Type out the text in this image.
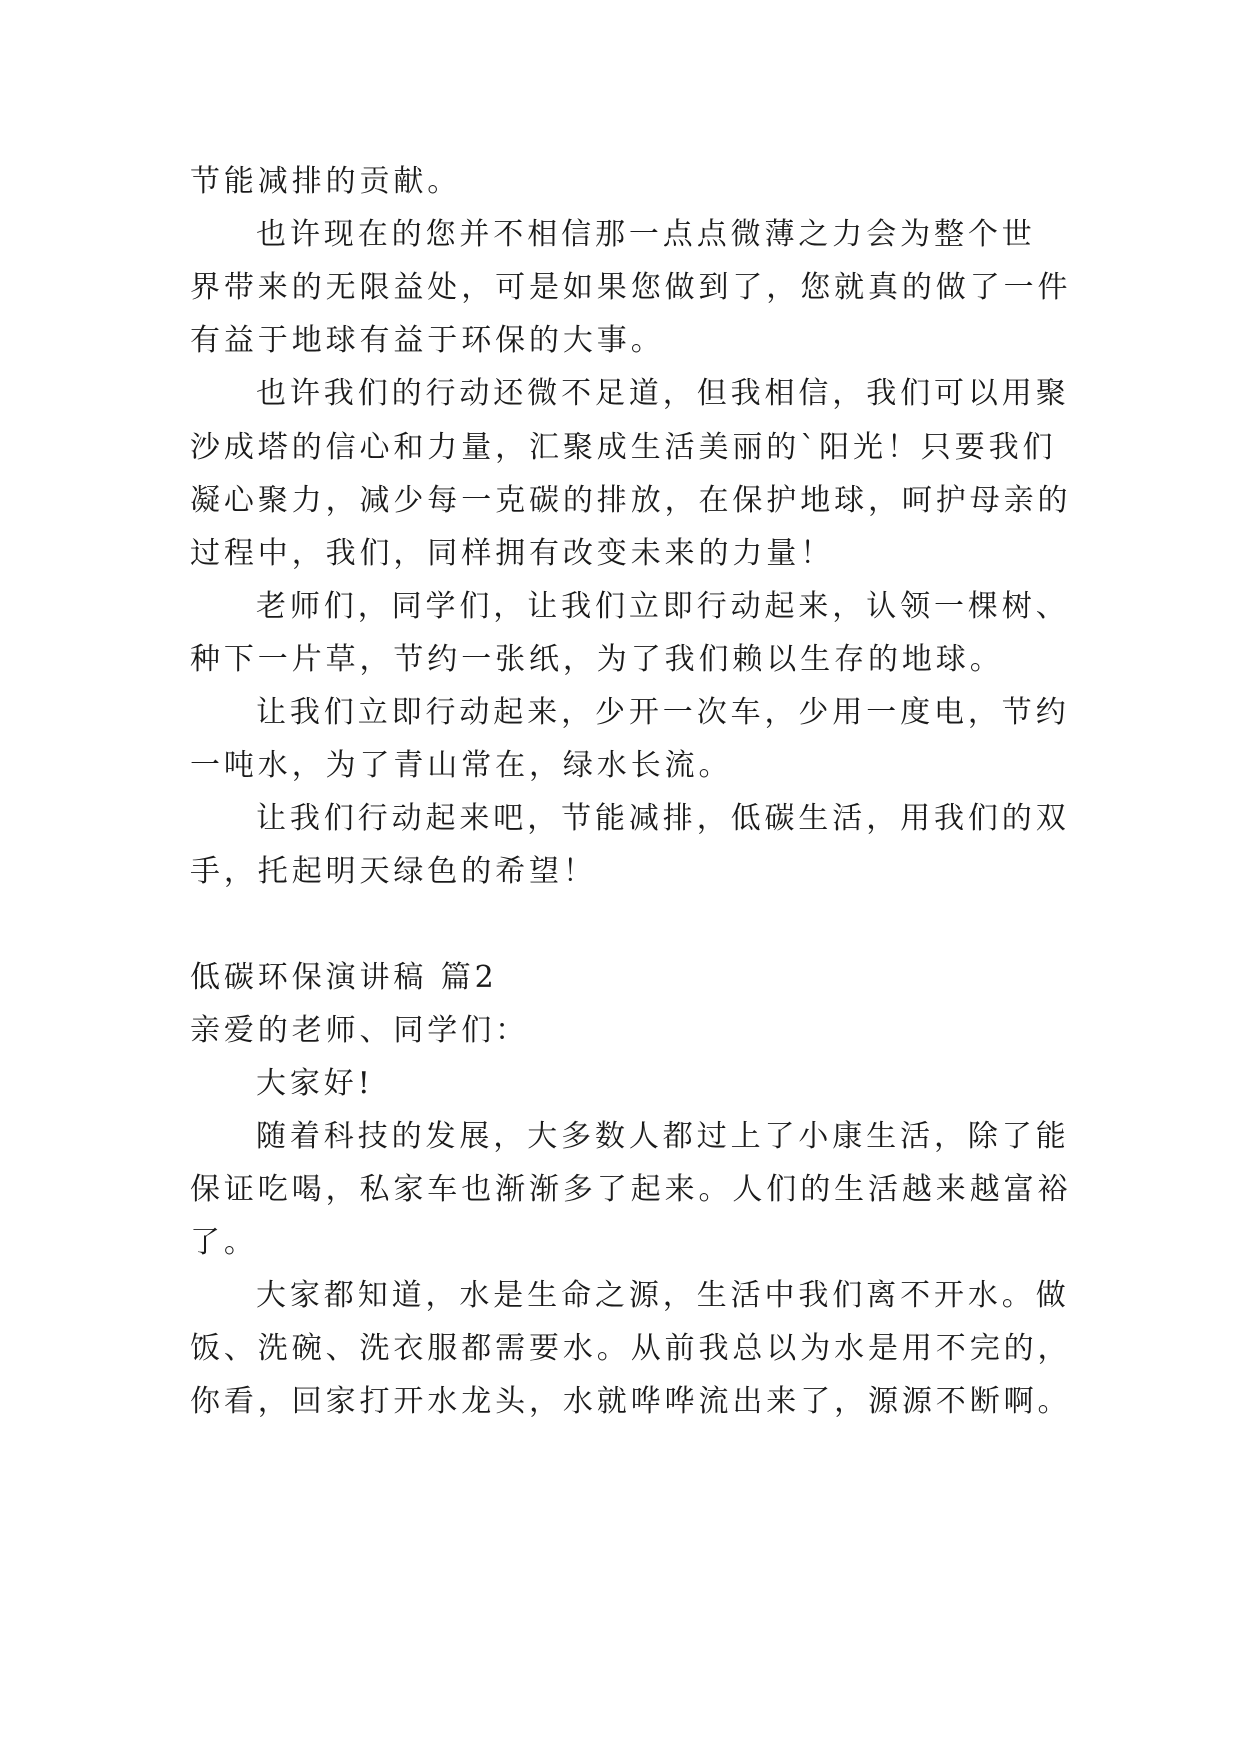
节能减排的贡献。

也许现在的您并不相信那一点点微薄之力会为整个世

界带来的无限益处，可是如果您做到了，您就真的做了一件

有益于地球有益于环保的大事。

也许我们的行动还微不足道，但我相信，我们可以用聚

沙成塔的信心和力量，汇聚成生活美丽的`阳光！只要我们

凝心聚力，减少每一克碳的排放，在保护地球，呵护母亲的

过程中，我们，同样拥有改变未来的力量！

老师们，同学们，让我们立即行动起来，认领一棵树、

种下一片草，节约一张纸，为了我们赖以生存的地球。

让我们立即行动起来，少开一次车，少用一度电，节约

一吨水，为了青山常在，绿水长流。

让我们行动起来吧，节能减排，低碳生活，用我们的双

手，托起明天绿色的希望！

低碳环保演讲稿 篇2

亲爱的老师、同学们：

大家好!

随着科技的发展，大多数人都过上了小康生活，除了能

保证吃喝，私家车也渐渐多了起来。人们的生活越来越富裕

了。

大家都知道，水是生命之源，生活中我们离不开水。做

饭、洗碗、洗衣服都需要水。从前我总以为水是用不完的，

你看，回家打开水龙头，水就哗哗流出来了，源源不断啊。
